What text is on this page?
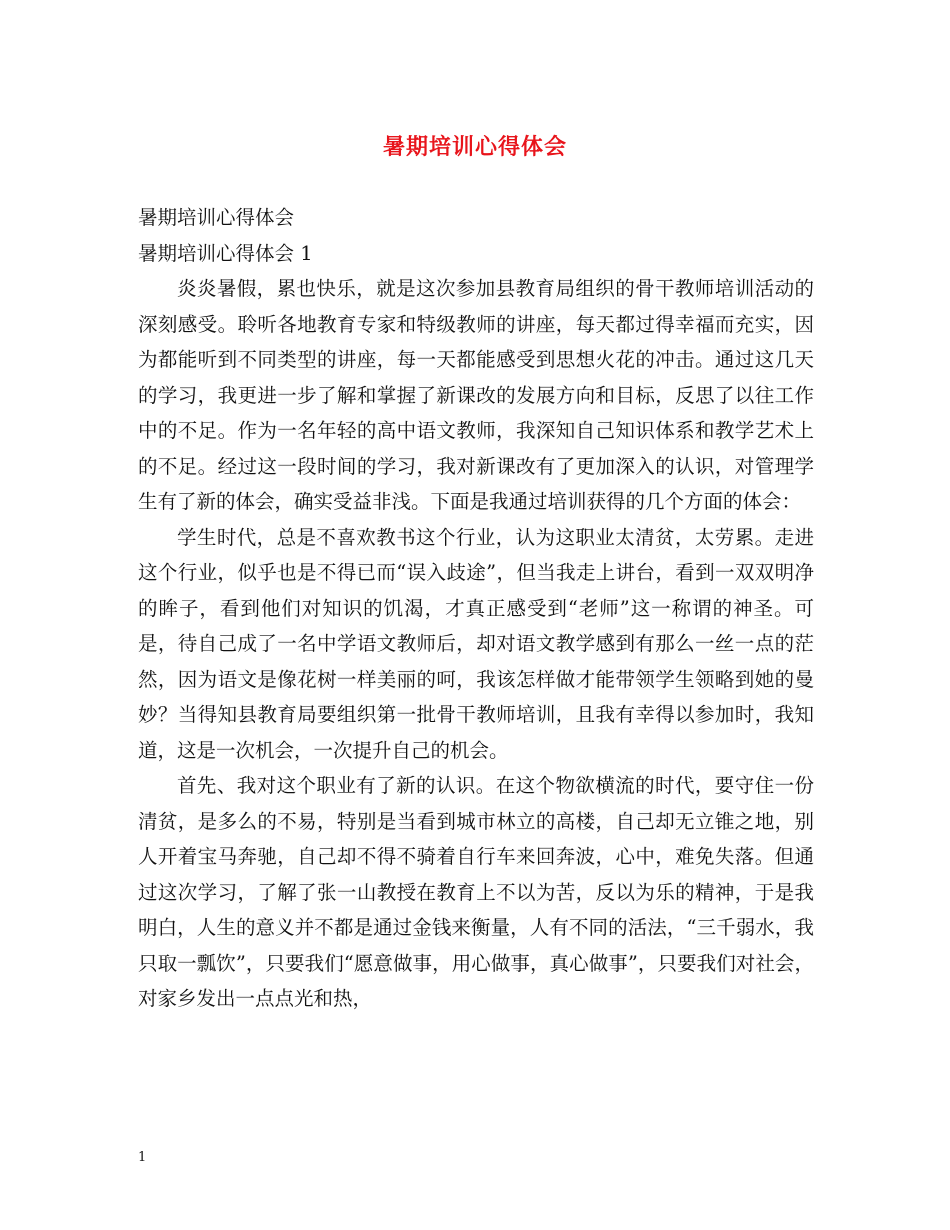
暑期培训心得体会

暑期培训心得体会

暑期培训心得体会 1

炎炎暑假，累也快乐，就是这次参加县教育局组织的骨干教师培训活动的深刻感受。聆听各地教育专家和特级教师的讲座，每天都过得幸福而充实，因为都能听到不同类型的讲座，每一天都能感受到思想火花的冲击。通过这几天的学习，我更进一步了解和掌握了新课改的发展方向和目标，反思了以往工作中的不足。作为一名年轻的高中语文教师，我深知自己知识体系和教学艺术上的不足。经过这一段时间的学习，我对新课改有了更加深入的认识，对管理学生有了新的体会，确实受益非浅。下面是我通过培训获得的几个方面的体会：

学生时代，总是不喜欢教书这个行业，认为这职业太清贫，太劳累。走进这个行业，似乎也是不得已而“误入歧途”，但当我走上讲台，看到一双双明净的眸子，看到他们对知识的饥渴，才真正感受到“老师”这一称谓的神圣。可是，待自己成了一名中学语文教师后，却对语文教学感到有那么一丝一点的茫然，因为语文是像花树一样美丽的呵，我该怎样做才能带领学生领略到她的曼妙？当得知县教育局要组织第一批骨干教师培训，且我有幸得以参加时，我知道，这是一次机会，一次提升自己的机会。

首先、我对这个职业有了新的认识。在这个物欲横流的时代，要守住一份清贫，是多么的不易，特别是当看到城市林立的高楼，自己却无立锥之地，别人开着宝马奔驰，自己却不得不骑着自行车来回奔波，心中，难免失落。但通过这次学习，了解了张一山教授在教育上不以为苦，反以为乐的精神，于是我明白，人生的意义并不都是通过金钱来衡量，人有不同的活法，“三千弱水，我只取一瓢饮”，只要我们“愿意做事，用心做事，真心做事”，只要我们对社会，对家乡发出一点点光和热，

1
